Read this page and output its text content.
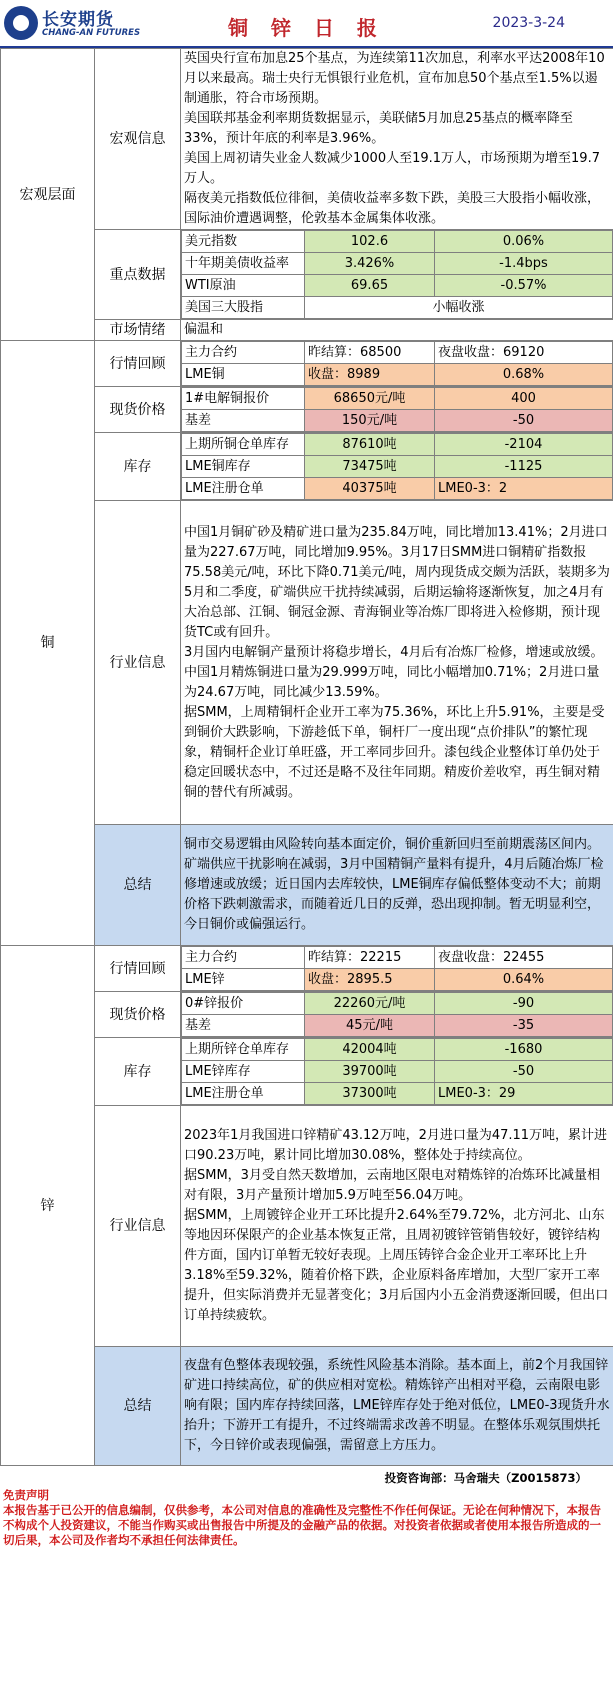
长安期货
CHANG-AN FUTURES	铜 锌 日 报	2023-3-24
宏观层面	宏观信息	
英国央行宣布加息25个基点，为连续第11次加息，利率水平达2008年10月以来最高。瑞士央行无惧银行业危机，宣布加息50个基点至1.5%以遏制通胀，符合市场预期。
美国联邦基金利率期货数据显示，美联储5月加息25基点的概率降至33%，预计年底的利率是3.96%。
美国上周初请失业金人数减少1000人至19.1万人，市场预期为增至19.7万人。
隔夜美元指数低位徘徊，美债收益率多数下跌，美股三大股指小幅收涨，国际油价遭遇调整，伦敦基本金属集体收涨。

重点数据	
美元指数	102.6	0.06%
十年期美债收益率	3.426%	-1.4bps
WTI原油	69.65	-0.57%
美国三大股指	小幅收涨

市场情绪	偏温和
铜	行情回顾	
主力合约	昨结算：68500	夜盘收盘：69120
LME铜	收盘：8989	0.68%

现货价格	
1#电解铜报价	68650元/吨	400
基差	150元/吨	-50

库存	
上期所铜仓单库存	87610吨	-2104
LME铜库存	73475吨	-1125
LME注册仓单	40375吨	LME0-3：2

行业信息	
中国1月铜矿砂及精矿进口量为235.84万吨，同比增加13.41%；2月进口量为227.67万吨，同比增加9.95%。3月17日SMM进口铜精矿指数报75.58美元/吨，环比下降0.71美元/吨，周内现货成交颇为活跃，装期多为5月和二季度，矿端供应干扰持续减弱，后期运输将逐渐恢复，加之4月有大冶总部、江铜、铜冠金源、青海铜业等冶炼厂即将进入检修期，预计现货TC或有回升。
3月国内电解铜产量预计将稳步增长，4月后有冶炼厂检修，增速或放缓。中国1月精炼铜进口量为29.999万吨，同比小幅增加0.71%；2月进口量为24.67万吨，同比减少13.59%。
据SMM，上周精铜杆企业开工率为75.36%，环比上升5.91%，主要是受到铜价大跌影响，下游趁低下单，铜杆厂一度出现“点价排队”的繁忙现象，精铜杆企业订单旺盛，开工率同步回升。漆包线企业整体订单仍处于稳定回暖状态中，不过还是略不及往年同期。精废价差收窄，再生铜对精铜的替代有所减弱。

总结	铜市交易逻辑由风险转向基本面定价，铜价重新回归至前期震荡区间内。矿端供应干扰影响在减弱，3月中国精铜产量料有提升，4月后随冶炼厂检修增速或放缓；近日国内去库较快，LME铜库存偏低整体变动不大；前期价格下跌刺激需求，而随着近几日的反弹，恐出现抑制。暂无明显利空，今日铜价或偏强运行。
锌	行情回顾	
主力合约	昨结算：22215	夜盘收盘：22455
LME锌	收盘：2895.5	0.64%

现货价格	
0#锌报价	22260元/吨	-90
基差	45元/吨	-35

库存	
上期所锌仓单库存	42004吨	-1680
LME锌库存	39700吨	-50
LME注册仓单	37300吨	LME0-3：29

行业信息	
2023年1月我国进口锌精矿43.12万吨，2月进口量为47.11万吨，累计进口90.23万吨，累计同比增加30.08%，整体处于持续高位。
据SMM，3月受自然天数增加，云南地区限电对精炼锌的冶炼环比减量相对有限，3月产量预计增加5.9万吨至56.04万吨。
据SMM，上周镀锌企业开工环比提升2.64%至79.72%，北方河北、山东等地因环保限产的企业基本恢复正常，且周初镀锌管销售较好，镀锌结构件方面，国内订单暂无较好表现。上周压铸锌合金企业开工率环比上升3.18%至59.32%，随着价格下跌，企业原料备库增加，大型厂家开工率提升，但实际消费并无显著变化；3月后国内小五金消费逐渐回暖，但出口订单持续疲软。

总结	夜盘有色整体表现较强，系统性风险基本消除。基本面上，前2个月我国锌矿进口持续高位，矿的供应相对宽松。精炼锌产出相对平稳，云南限电影响有限；国内库存持续回落，LME锌库存处于绝对低位，LME0-3现货升水抬升；下游开工有提升，不过终端需求改善不明显。在整体乐观氛围烘托下，今日锌价或表现偏强，需留意上方压力。
投资咨询部：马舍瑞夫（Z0015873）
免责声明
本报告基于已公开的信息编制，仅供参考，本公司对信息的准确性及完整性不作任何保证。无论在何种情况下，本报告不构成个人投资建议，不能当作购买或出售报告中所提及的金融产品的依据。对投资者依据或者使用本报告所造成的一切后果，本公司及作者均不承担任何法律责任。
